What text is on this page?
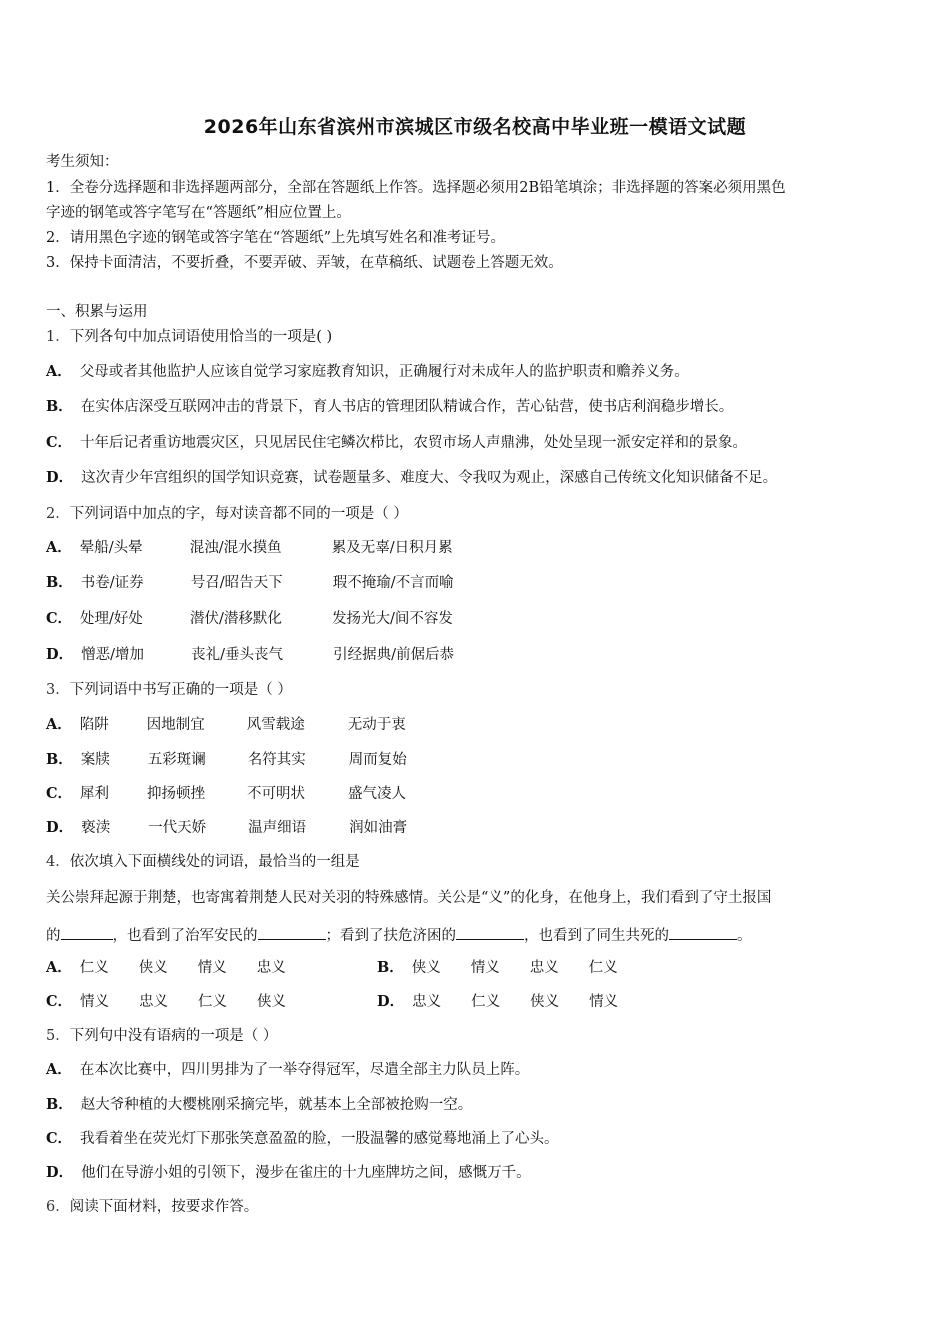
2026年山东省滨州市滨城区市级名校高中毕业班一模语文试题
考生须知：
1．全卷分选择题和非选择题两部分，全部在答题纸上作答。选择题必须用2B铅笔填涂；非选择题的答案必须用黑色
字迹的钢笔或答字笔写在“答题纸”相应位置上。
2．请用黑色字迹的钢笔或答字笔在“答题纸”上先填写姓名和准考证号。
3．保持卡面清洁，不要折叠，不要弄破、弄皱，在草稿纸、试题卷上答题无效。
一、积累与运用
1．下列各句中加点词语使用恰当的一项是( )
A． 父母或者其他监护人应该自觉学习家庭教育知识，正确履行对未成年人的监护职责和赡养义务。
B． 在实体店深受互联网冲击的背景下，育人书店的管理团队精诚合作，苦心钻营，使书店利润稳步增长。
C． 十年后记者重访地震灾区，只见居民住宅鳞次栉比，农贸市场人声鼎沸，处处呈现一派安定祥和的景象。
D． 这次青少年宫组织的国学知识竞赛，试卷题量多、难度大、令我叹为观止，深感自己传统文化知识储备不足。
2．下列词语中加点的字，每对读音都不同的一项是（ ）
A． 晕船/头晕	混浊/混水摸鱼	累及无辜/日积月累
B． 书卷/证券	号召/昭告天下	瑕不掩瑜/不言而喻
C． 处理/好处	潜伏/潜移默化	发扬光大/间不容发
D． 憎恶/增加	丧礼/垂头丧气	引经据典/前倨后恭
3．下列词语中书写正确的一项是（ ）
A． 陷阱	因地制宜	风雪载途	无动于衷
B． 案牍	五彩斑谰	名符其实	周而复始
C． 犀利	抑扬顿挫	不可明状	盛气凌人
D． 亵渎	一代天娇	温声细语	润如油膏
4．依次填入下面横线处的词语，最恰当的一组是
关公崇拜起源于荆楚，也寄寓着荆楚人民对关羽的特殊感情。关公是“义”的化身，在他身上，我们看到了守土报国
的	，也看到了治军安民的	；看到了扶危济困的	，也看到了同生共死的	。
A． 仁义 侠义 情义 忠义	B． 侠义 情义 忠义 仁义
C． 情义 忠义 仁义 侠义	D． 忠义 仁义 侠义 情义
5．下列句中没有语病的一项是（ ）
A． 在本次比赛中，四川男排为了一举夺得冠军，尽遣全部主力队员上阵。
B． 赵大爷种植的大樱桃刚采摘完毕，就基本上全部被抢购一空。
C． 我看着坐在荧光灯下那张笑意盈盈的脸，一股温馨的感觉蓦地涌上了心头。
D． 他们在导游小姐的引领下，漫步在雀庄的十九座牌坊之间，感慨万千。
6．阅读下面材料，按要求作答。
